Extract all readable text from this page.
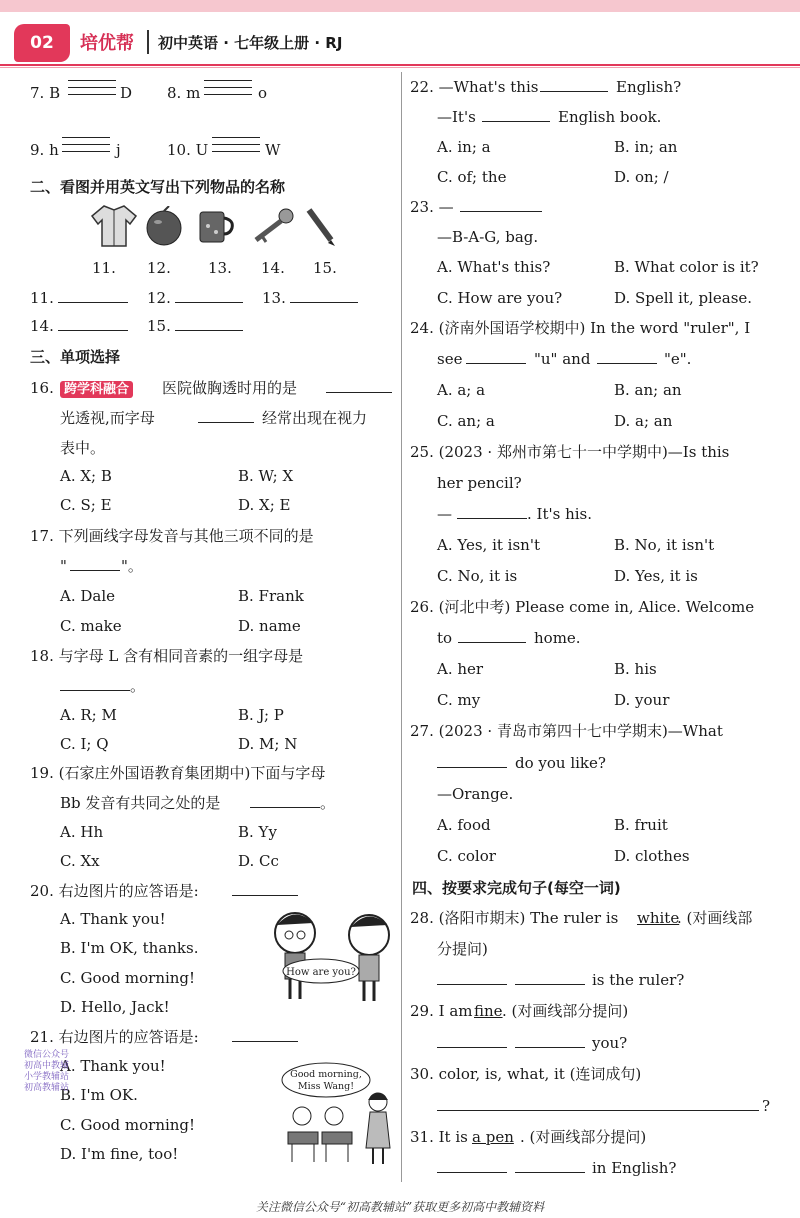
02	培优帮 初中英语 · 七年级上册 · RJ
7. B	D 8. m	o
9. h	j	10. U	W
二、看图并用英文写出下列物品的名称
11. 12. 13. 14. 15.
11.	12.	13.
14.	15.
三、单项选择
16. 跨学科融合 医院做胸透时用的是
光透视,而字母	经常出现在视力
表中。
A. X; B	B. W; X
C. S; E	D. X; E
17. 下列画线字母发音与其他三项不同的是
"	"。
A. Dale	B. Frank
C. make	D. name
18. 与字母 L 含有相同音素的一组字母是
。
A. R; M	B. J; P
C. I; Q	D. M; N
19. (石家庄外国语教育集团期中)下面与字母
Bb 发音有共同之处的是	。
A. Hh	B. Yy
C. Xx	D. Cc
20. 右边图片的应答语是:
A. Thank you!
B. I'm OK, thanks.
C. Good morning!
D. Hello, Jack!
How are you?
21. 右边图片的应答语是:
A. Thank you!
B. I'm OK.
C. Good morning!
D. I'm fine, too!
微信公众号
初高中教辅
小学教辅站
初高教辅站
Good morning,
Miss Wang!
22. —What's this	English?
—It's	English book.
A. in; a	B. in; an
C. of; the	D. on; /
23. —
—B-A-G, bag.
A. What's this?	B. What color is it?
C. How are you?	D. Spell it, please.
24. (济南外国语学校期中) In the word "ruler", I
see	"u" and	"e".
A. a; a	B. an; an
C. an; a	D. a; an
25. (2023 · 郑州市第七十一中学期中)—Is this
her pencil?
—	. It's his.
A. Yes, it isn't	B. No, it isn't
C. No, it is	D. Yes, it is
26. (河北中考) Please come in, Alice. Welcome
to	home.
A. her	B. his
C. my	D. your
27. (2023 · 青岛市第四十七中学期末)—What
do you like?
—Orange.
A. food	B. fruit
C. color	D. clothes
四、按要求完成句子(每空一词)
28. (洛阳市期末) The ruler is white
. (对画线部
分提问)
is the ruler?
29. I am fine . (对画线部分提问)
you?
30. color, is, what, it (连词成句)
?
31. It is a pen . (对画线部分提问)
in English?
关注微信公众号“初高教辅站”获取更多初高中教辅资料
